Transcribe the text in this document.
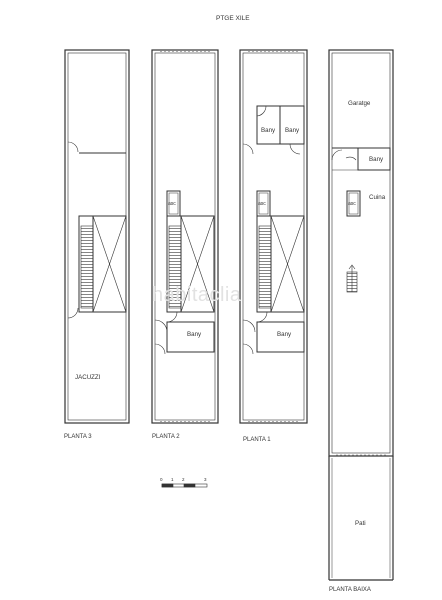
PTGE XILE
habitaclia
JACUZZI
PLANTA 3
asc
Bany
PLANTA 2
Bany Bany
asc
Bany
PLANTA 1
Garatge
Bany
asc
Cuina
Pati
PLANTA BAIXA
0 1 2	3
